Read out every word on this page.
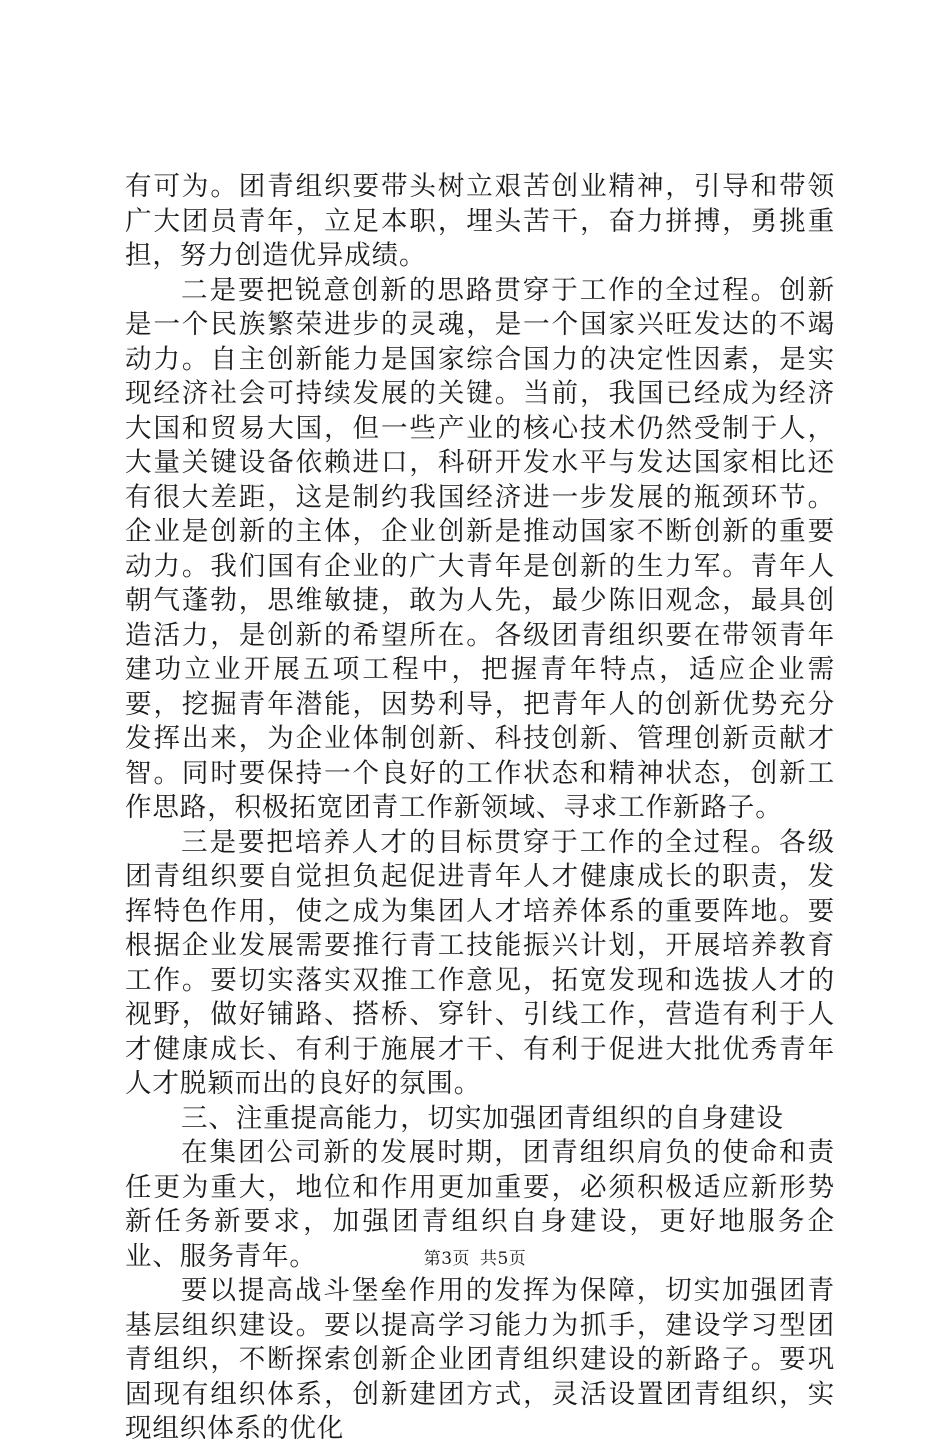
有可为。团青组织要带头树立艰苦创业精神，引导和带领广大团员青年，立足本职，埋头苦干，奋力拼搏，勇挑重担，努力创造优异成绩。

二是要把锐意创新的思路贯穿于工作的全过程。创新是一个民族繁荣进步的灵魂，是一个国家兴旺发达的不竭动力。自主创新能力是国家综合国力的决定性因素，是实现经济社会可持续发展的关键。当前，我国已经成为经济大国和贸易大国，但一些产业的核心技术仍然受制于人，大量关键设备依赖进口，科研开发水平与发达国家相比还有很大差距，这是制约我国经济进一步发展的瓶颈环节。企业是创新的主体，企业创新是推动国家不断创新的重要动力。我们国有企业的广大青年是创新的生力军。青年人朝气蓬勃，思维敏捷，敢为人先，最少陈旧观念，最具创造活力，是创新的希望所在。各级团青组织要在带领青年建功立业开展五项工程中，把握青年特点，适应企业需要，挖掘青年潜能，因势利导，把青年人的创新优势充分发挥出来，为企业体制创新、科技创新、管理创新贡献才智。同时要保持一个良好的工作状态和精神状态，创新工作思路，积极拓宽团青工作新领域、寻求工作新路子。

三是要把培养人才的目标贯穿于工作的全过程。各级团青组织要自觉担负起促进青年人才健康成长的职责，发挥特色作用，使之成为集团人才培养体系的重要阵地。要根据企业发展需要推行青工技能振兴计划，开展培养教育工作。要切实落实双推工作意见，拓宽发现和选拔人才的视野，做好铺路、搭桥、穿针、引线工作，营造有利于人才健康成长、有利于施展才干、有利于促进大批优秀青年人才脱颖而出的良好的氛围。

三、注重提高能力，切实加强团青组织的自身建设

在集团公司新的发展时期，团青组织肩负的使命和责任更为重大，地位和作用更加重要，必须积极适应新形势新任务新要求，加强团青组织自身建设，更好地服务企业、服务青年。

要以提高战斗堡垒作用的发挥为保障，切实加强团青基层组织建设。要以提高学习能力为抓手，建设学习型团青组织，不断探索创新企业团青组织建设的新路子。要巩固现有组织体系，创新建团方式，灵活设置团青组织，实现组织体系的优化

第3页 共5页
